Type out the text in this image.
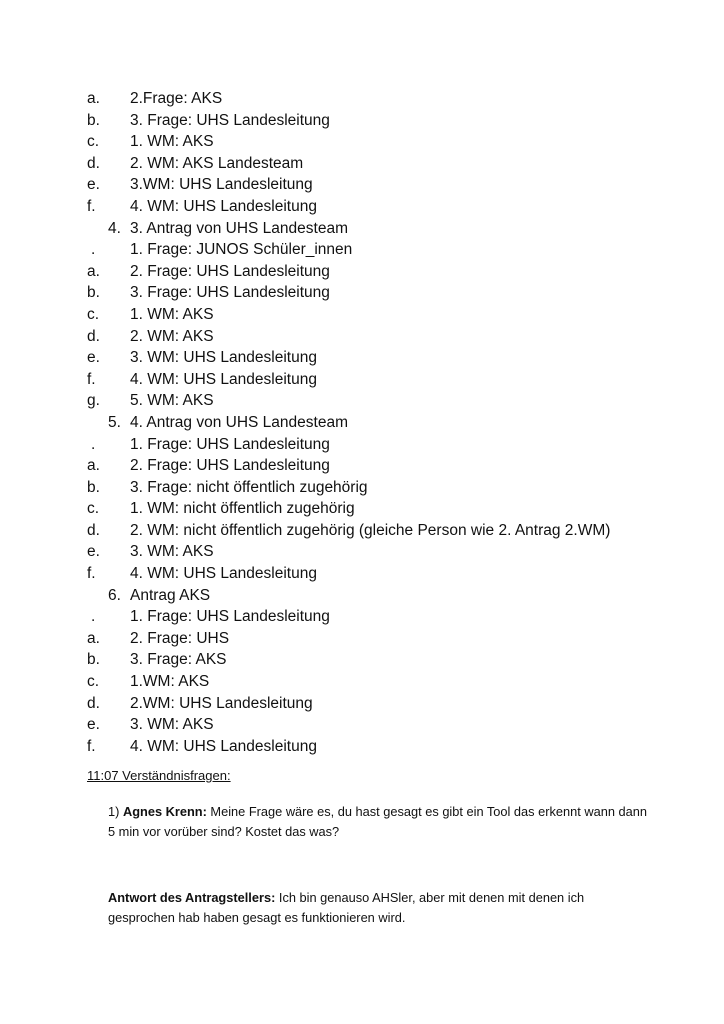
a. 2.Frage: AKS
b. 3. Frage: UHS Landesleitung
c. 1. WM: AKS
d. 2. WM: AKS Landesteam
e. 3.WM: UHS Landesleitung
f. 4. WM: UHS Landesleitung
4. 3. Antrag von UHS Landesteam
. 1. Frage: JUNOS Schüler_innen
a. 2. Frage: UHS Landesleitung
b. 3. Frage: UHS Landesleitung
c. 1. WM: AKS
d. 2. WM: AKS
e. 3. WM: UHS Landesleitung
f. 4. WM: UHS Landesleitung
g. 5. WM: AKS
5. 4. Antrag von UHS Landesteam
. 1. Frage: UHS Landesleitung
a. 2. Frage: UHS Landesleitung
b. 3. Frage: nicht öffentlich zugehörig
c. 1. WM: nicht öffentlich zugehörig
d. 2. WM: nicht öffentlich zugehörig (gleiche Person wie 2. Antrag 2.WM)
e. 3. WM: AKS
f. 4. WM: UHS Landesleitung
6. Antrag AKS
. 1. Frage: UHS Landesleitung
a. 2. Frage: UHS
b. 3. Frage: AKS
c. 1.WM: AKS
d. 2.WM: UHS Landesleitung
e. 3. WM: AKS
f. 4. WM: UHS Landesleitung
11:07 Verständnisfragen:
1) Agnes Krenn: Meine Frage wäre es, du hast gesagt es gibt ein Tool das erkennt wann dann 5 min vor vorüber sind? Kostet das was?
Antwort des Antragstellers: Ich bin genauso AHSler, aber mit denen mit denen ich gesprochen hab haben gesagt es funktionieren wird.
